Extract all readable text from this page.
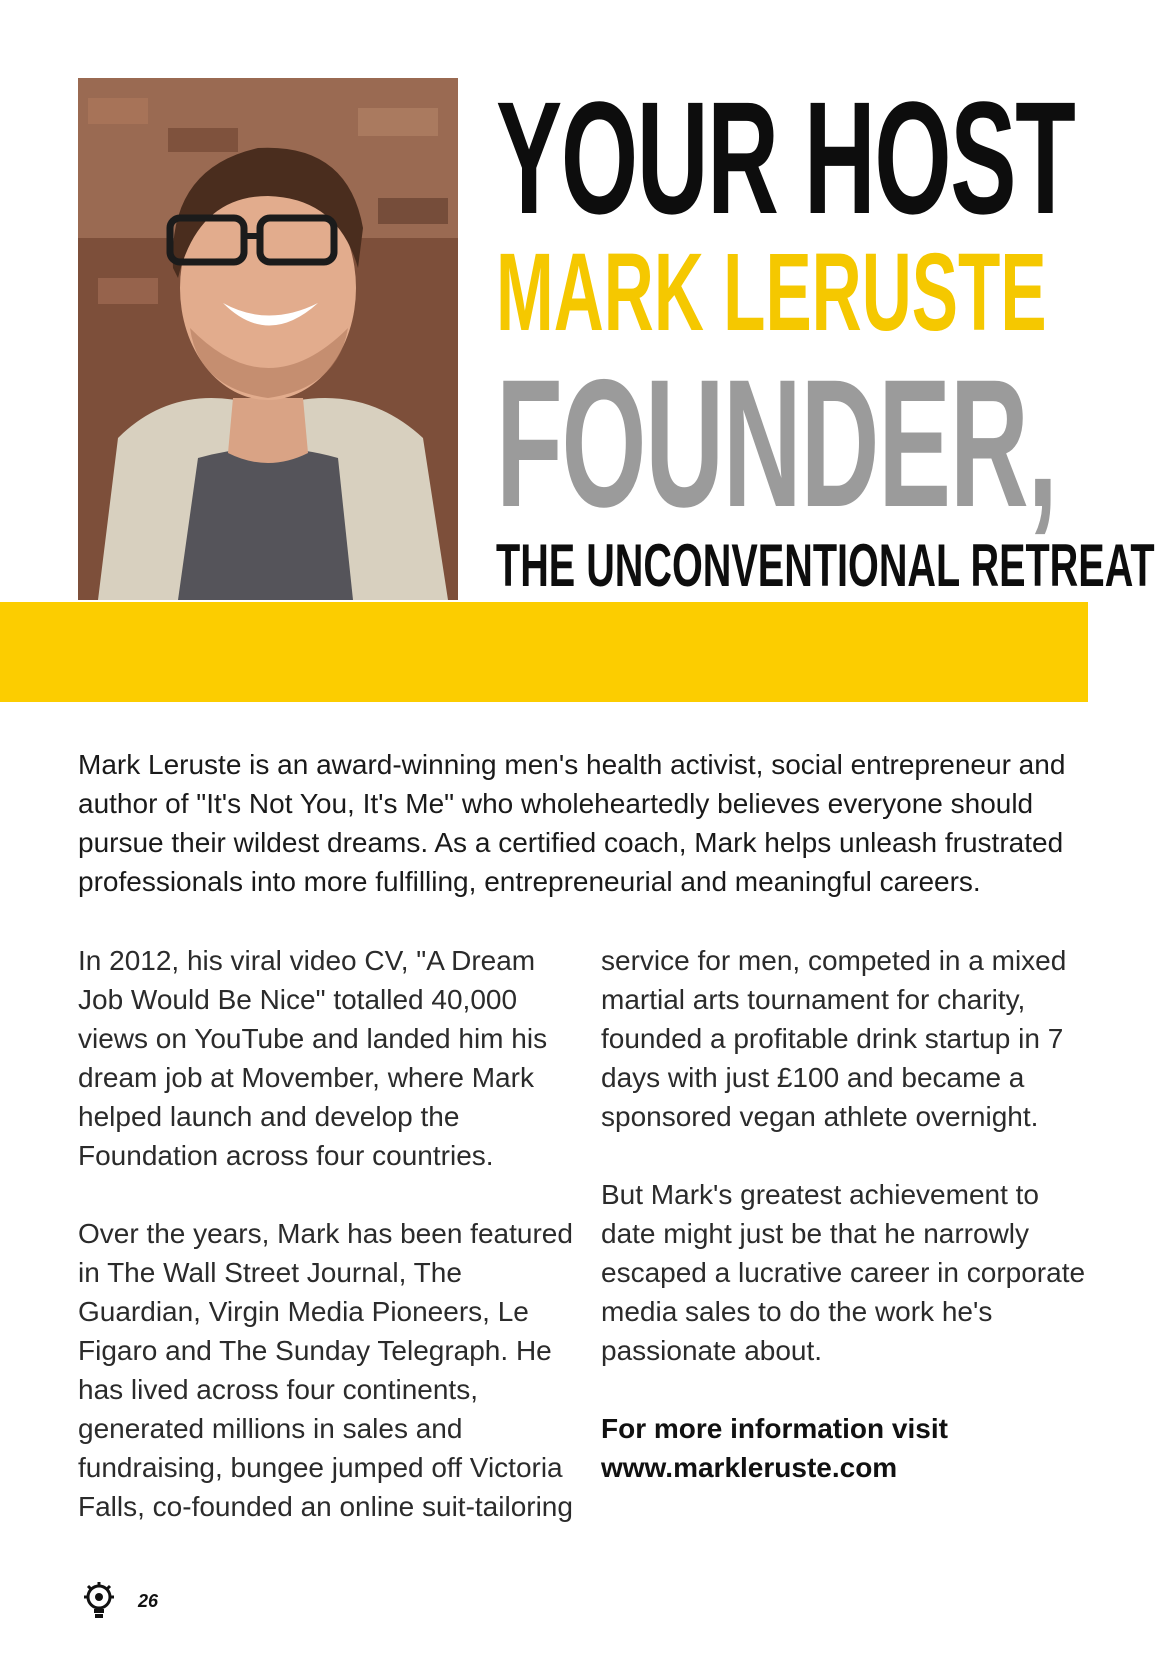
YOUR HOST
MARK LERUSTE
FOUNDER,
THE UNCONVENTIONAL RETREAT
Mark Leruste is an award-winning men's health activist, social entrepreneur and author of "It's Not You, It's Me" who wholeheartedly believes everyone should pursue their wildest dreams. As a certified coach, Mark helps unleash frustrated professionals into more fulfilling, entrepreneurial and meaningful careers.

In 2012, his viral video CV, "A Dream Job Would Be Nice" totalled 40,000 views on YouTube and landed him his dream job at Movember, where Mark helped launch and develop the Foundation across four countries.

Over the years, Mark has been featured in The Wall Street Journal, The Guardian, Virgin Media Pioneers, Le Figaro and The Sunday Telegraph. He has lived across four continents, generated millions in sales and fundraising, bungee jumped off Victoria Falls, co-founded an online suit-tailoring

service for men, competed in a mixed martial arts tournament for charity, founded a profitable drink startup in 7 days with just £100 and became a sponsored vegan athlete overnight.

But Mark's greatest achievement to date might just be that he narrowly escaped a lucrative career in corporate media sales to do the work he's passionate about.

For more information visit
www.markleruste.com
26
